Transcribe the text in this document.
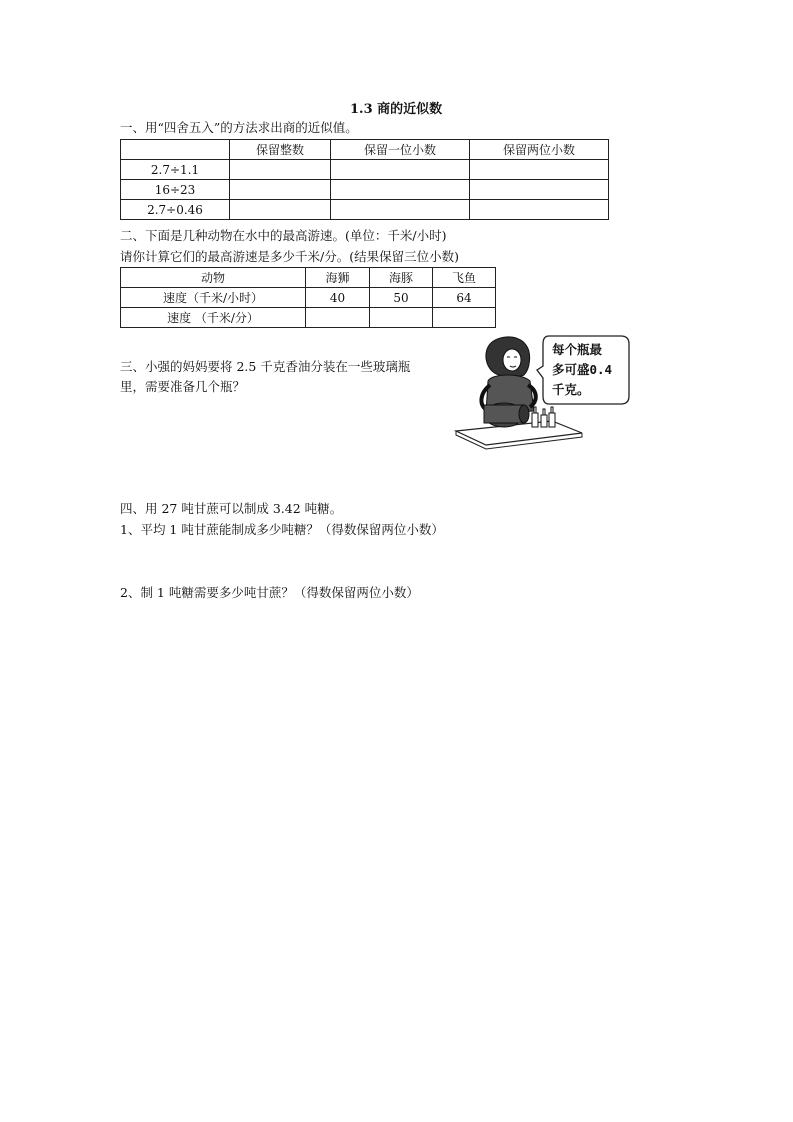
1.3 商的近似数
一、用“四舍五入”的方法求出商的近似值。
	保留整数	保留一位小数	保留两位小数
2.7÷1.1			
16÷23			
2.7÷0.46			
二、下面是几种动物在水中的最高游速。(单位：千米/小时)
请你计算它们的最高游速是多少千米/分。(结果保留三位小数)
动物	海狮	海豚	飞鱼
速度（千米/小时）	40	50	64
速度 （千米/分）			
三、小强的妈妈要将 2.5 千克香油分装在一些玻璃瓶
里，需要准备几个瓶？
每个瓶最
多可盛0.4
千克。
四、用 27 吨甘蔗可以制成 3.42 吨糖。
1、平均 1 吨甘蔗能制成多少吨糖？（得数保留两位小数）
2、制 1 吨糖需要多少吨甘蔗？（得数保留两位小数）
